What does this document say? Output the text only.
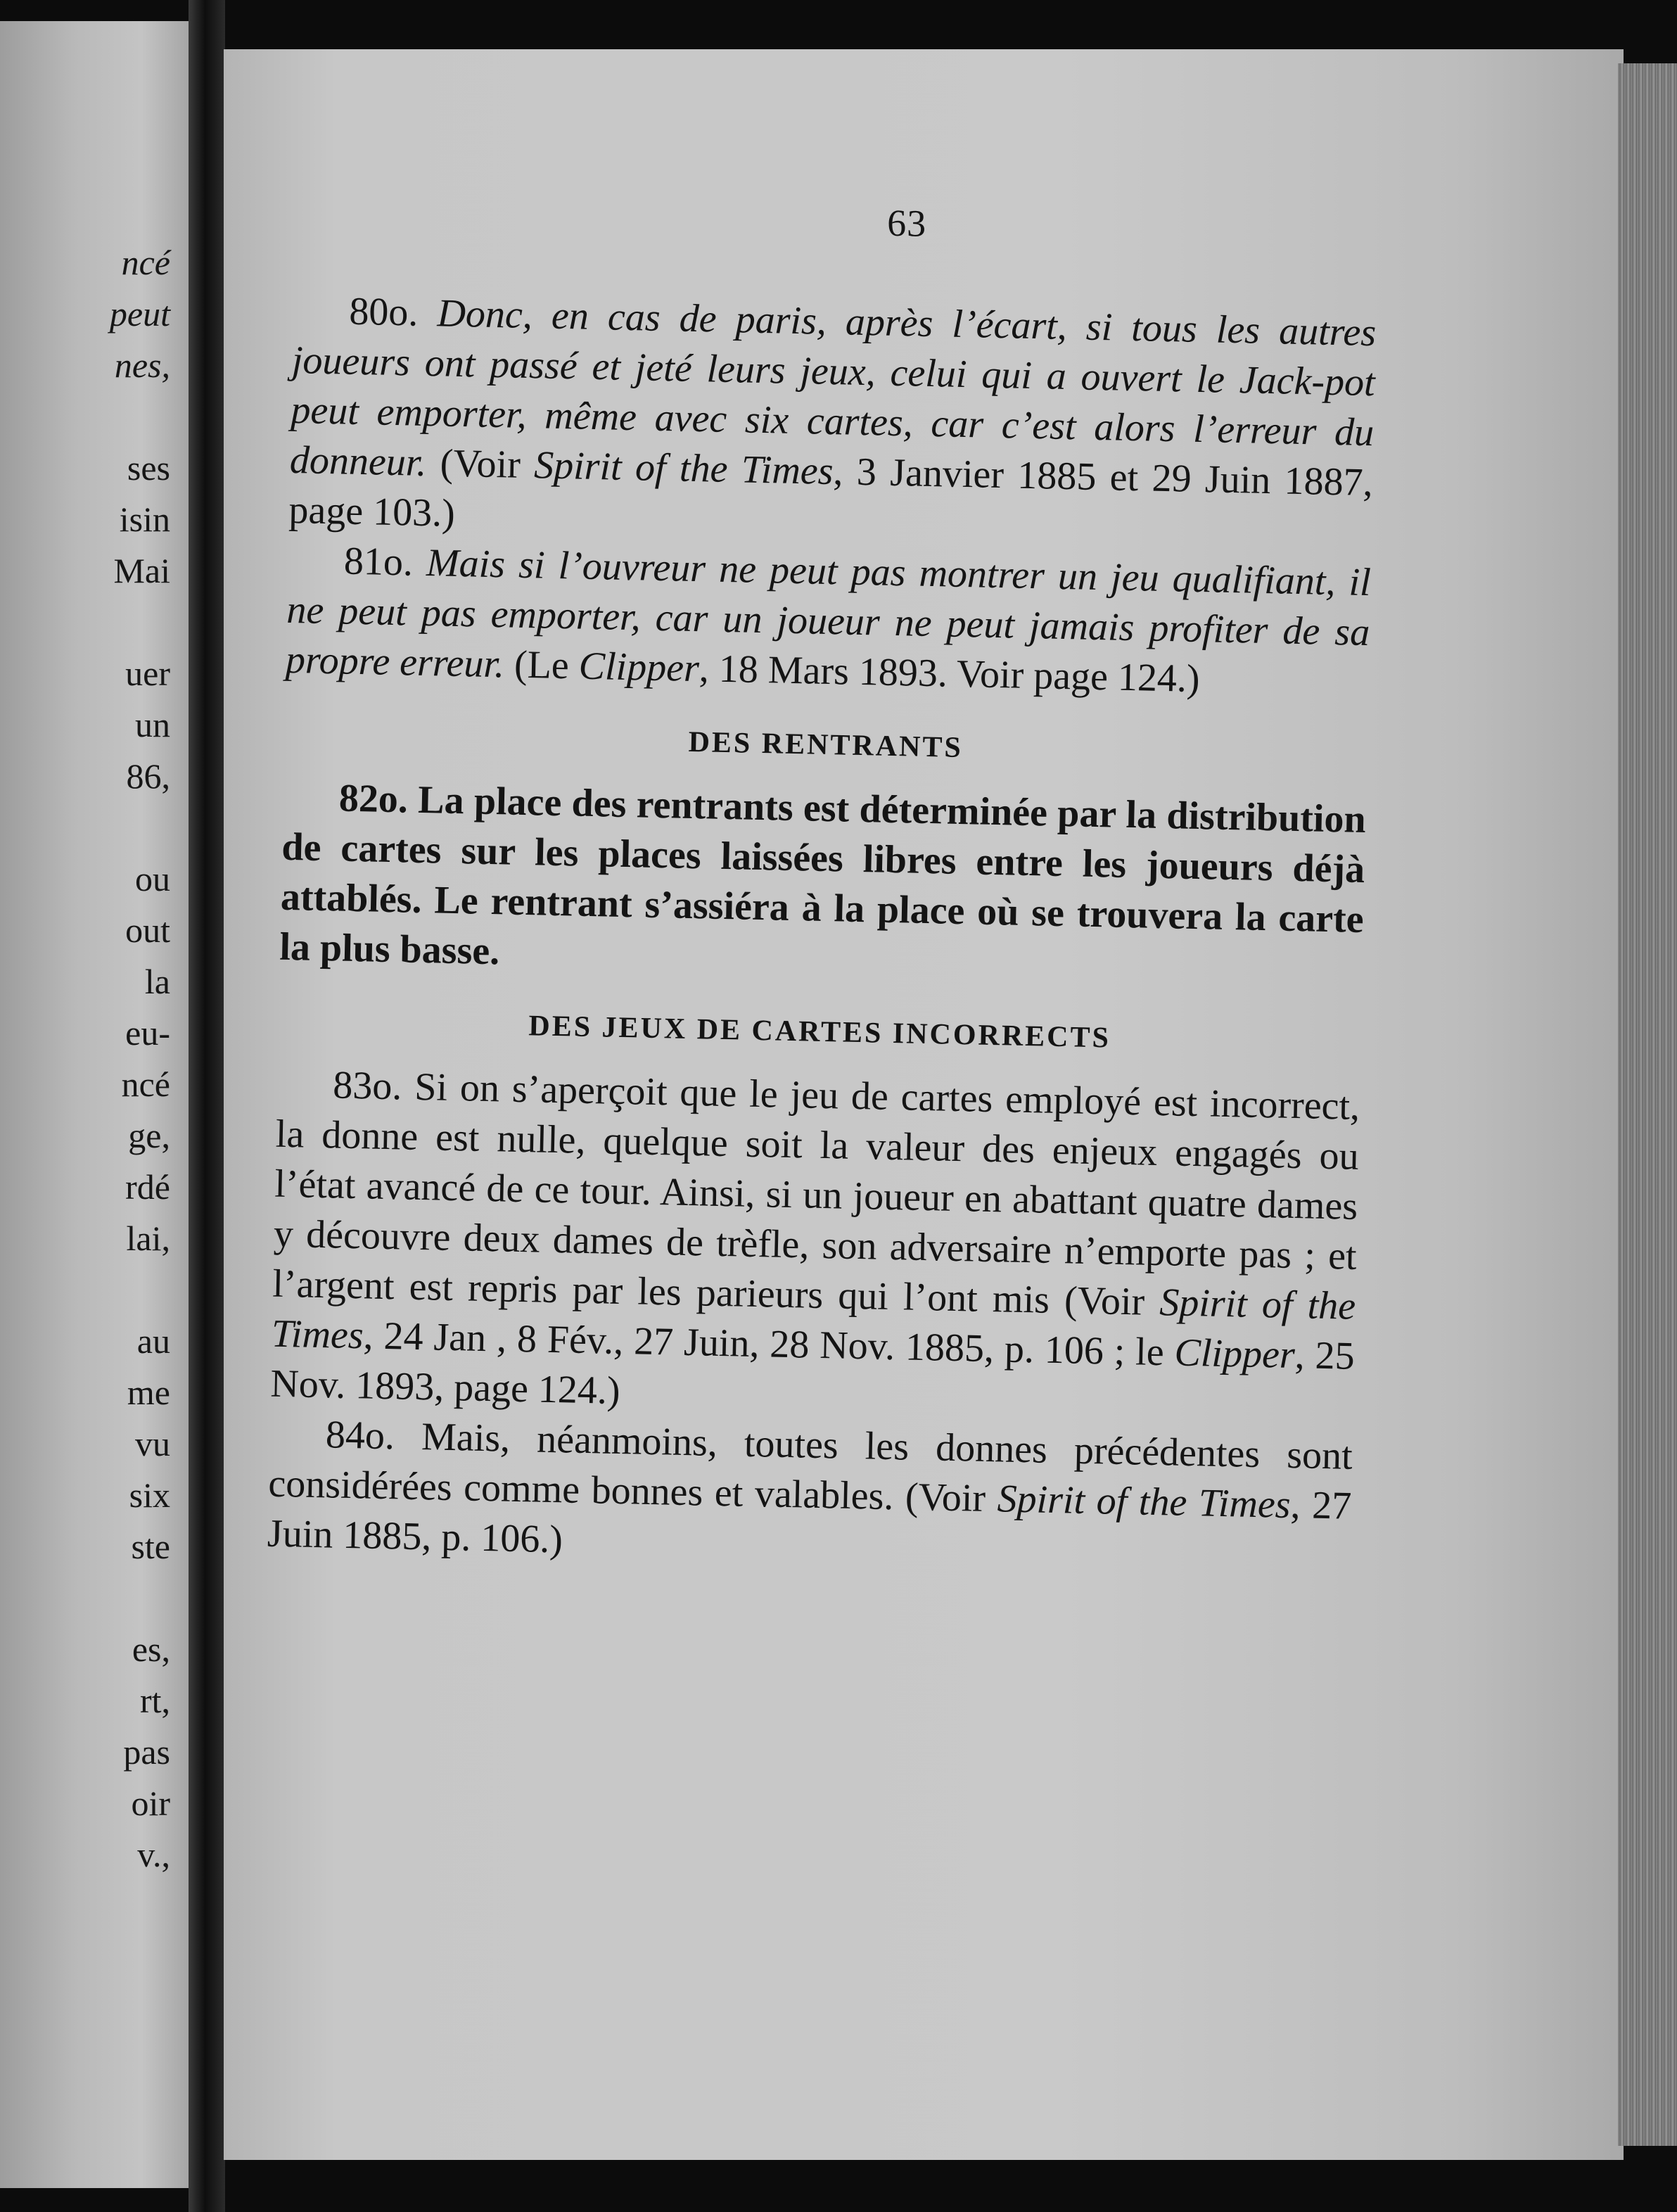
ncé
peut
nes,
ses
isin
Mai
uer
un
86,
ou
out
la
eu-
ncé
ge,
rdé
lai,
au
me
vu
six
ste
es,
rt,
pas
oir
v.,
63

80o. Donc, en cas de paris, après l’écart, si tous les autres joueurs ont passé et jeté leurs jeux, celui qui a ouvert le Jack-pot peut emporter, même avec six cartes, car c’est alors l’erreur du donneur. (Voir Spirit of the Times, 3 Janvier 1885 et 29 Juin 1887, page 103.)

81o. Mais si l’ouvreur ne peut pas montrer un jeu qualifiant, il ne peut pas emporter, car un joueur ne peut jamais profiter de sa propre erreur. (Le Clipper, 18 Mars 1893. Voir page 124.)

DES RENTRANTS

82o. La place des rentrants est déterminée par la distribution de cartes sur les places laissées libres entre les joueurs déjà attablés. Le rentrant s’assiéra à la place où se trouvera la carte la plus basse.

DES JEUX DE CARTES INCORRECTS

83o. Si on s’aperçoit que le jeu de cartes employé est incorrect, la donne est nulle, quelque soit la valeur des enjeux engagés ou l’état avancé de ce tour. Ainsi, si un joueur en abattant quatre dames y découvre deux dames de trèfle, son adversaire n’emporte pas ; et l’argent est repris par les parieurs qui l’ont mis (Voir Spirit of the Times, 24 Jan , 8 Fév., 27 Juin, 28 Nov. 1885, p. 106 ; le Clipper, 25 Nov. 1893, page 124.)

84o. Mais, néanmoins, toutes les donnes précédentes sont considérées comme bonnes et valables. (Voir Spirit of the Times, 27 Juin 1885, p. 106.)
